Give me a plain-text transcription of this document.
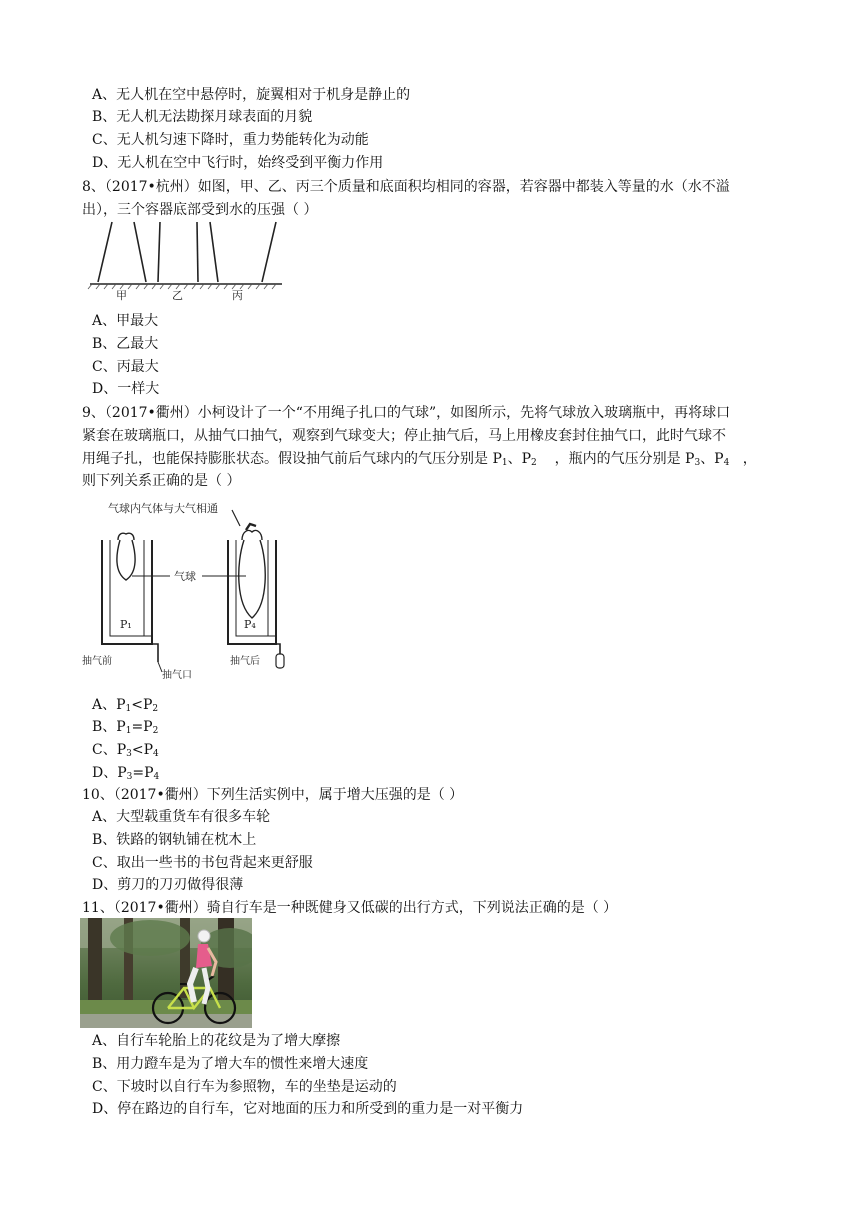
A、无人机在空中悬停时，旋翼相对于机身是静止的
B、无人机无法勘探月球表面的月貌
C、无人机匀速下降时，重力势能转化为动能
D、无人机在空中飞行时，始终受到平衡力作用
8、（2017•杭州）如图，甲、乙、丙三个质量和底面积均相同的容器，若容器中都装入等量的水（水不溢
出），三个容器底部受到水的压强（ ）
甲	乙	丙
A、甲最大
B、乙最大
C、丙最大
D、一样大
9、（2017•衢州）小柯设计了一个“不用绳子扎口的气球”，如图所示，先将气球放入玻璃瓶中，再将球口
紧套在玻璃瓶口，从抽气口抽气，观察到气球变大；停止抽气后，马上用橡皮套封住抽气口，此时气球不
用绳子扎，也能保持膨胀状态。假设抽气前后气球内的气压分别是 $P_1$、$P_2$ ，瓶内的气压分别是 $P_3$、$P_4$ ，
则下列关系正确的是（ ）
气球内气体与大气相通
气球
P₁
抽气前
抽气口
P₄
抽气后
A、$P_1<P_2$
B、$P_1=P_2$
C、$P_3<P_4$
D、$P_3=P_4$
10、（2017•衢州）下列生活实例中，属于增大压强的是（ ）
A、大型载重货车有很多车轮
B、铁路的钢轨铺在枕木上
C、取出一些书的书包背起来更舒服
D、剪刀的刀刃做得很薄
11、（2017•衢州）骑自行车是一种既健身又低碳的出行方式，下列说法正确的是（ ）
A、自行车轮胎上的花纹是为了增大摩擦
B、用力蹬车是为了增大车的惯性来增大速度
C、下坡时以自行车为参照物，车的坐垫是运动的
D、停在路边的自行车，它对地面的压力和所受到的重力是一对平衡力
